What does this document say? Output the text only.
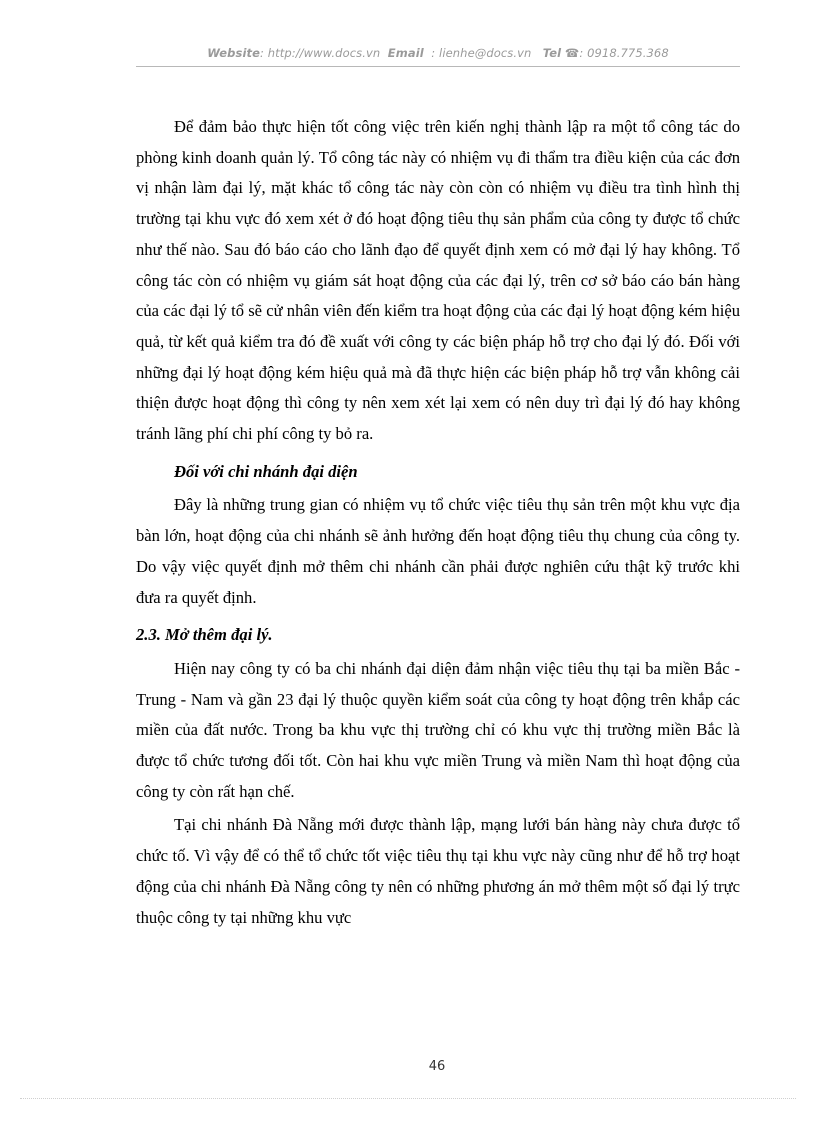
Website: http://www.docs.vn Email : lienhe@docs.vn Tel ☎: 0918.775.368

Để đảm bảo thực hiện tốt công việc trên kiến nghị thành lập ra một tổ công tác do phòng kinh doanh quản lý. Tổ công tác này có nhiệm vụ đi thẩm tra điều kiện của các đơn vị nhận làm đại lý, mặt khác tổ công tác này còn còn có nhiệm vụ điều tra tình hình thị trường tại khu vực đó xem xét ở đó hoạt động tiêu thụ sản phẩm của công ty được tổ chức như thế nào. Sau đó báo cáo cho lãnh đạo để quyết định xem có mở đại lý hay không. Tổ công tác còn có nhiệm vụ giám sát hoạt động của các đại lý, trên cơ sở báo cáo bán hàng của các đại lý tổ sẽ cử nhân viên đến kiểm tra hoạt động của các đại lý hoạt động kém hiệu quả, từ kết quả kiểm tra đó đề xuất với công ty các biện pháp hỗ trợ cho đại lý đó. Đối với những đại lý hoạt động kém hiệu quả mà đã thực hiện các biện pháp hỗ trợ vẫn không cải thiện được hoạt động thì công ty nên xem xét lại xem có nên duy trì đại lý đó hay không tránh lãng phí chi phí công ty bỏ ra.

Đối với chi nhánh đại diện

Đây là những trung gian có nhiệm vụ tổ chức việc tiêu thụ sản trên một khu vực địa bàn lớn, hoạt động của chi nhánh sẽ ảnh hưởng đến hoạt động tiêu thụ chung của công ty. Do vậy việc quyết định mở thêm chi nhánh cần phải được nghiên cứu thật kỹ trước khi đưa ra quyết định.

2.3. Mở thêm đại lý.

Hiện nay công ty có ba chi nhánh đại diện đảm nhận việc tiêu thụ tại ba miền Bắc - Trung - Nam và gần 23 đại lý thuộc quyền kiểm soát của công ty hoạt động trên khắp các miền của đất nước. Trong ba khu vực thị trường chỉ có khu vực thị trường miền Bắc là được tổ chức tương đối tốt. Còn hai khu vực miền Trung và miền Nam thì hoạt động của công ty còn rất hạn chế.

Tại chi nhánh Đà Nẵng mới được thành lập, mạng lưới bán hàng này chưa được tổ chức tố. Vì vậy để có thể tổ chức tốt việc tiêu thụ tại khu vực này cũng như để hỗ trợ hoạt động của chi nhánh Đà Nẵng công ty nên có những phương án mở thêm một số đại lý trực thuộc công ty tại những khu vực

46
